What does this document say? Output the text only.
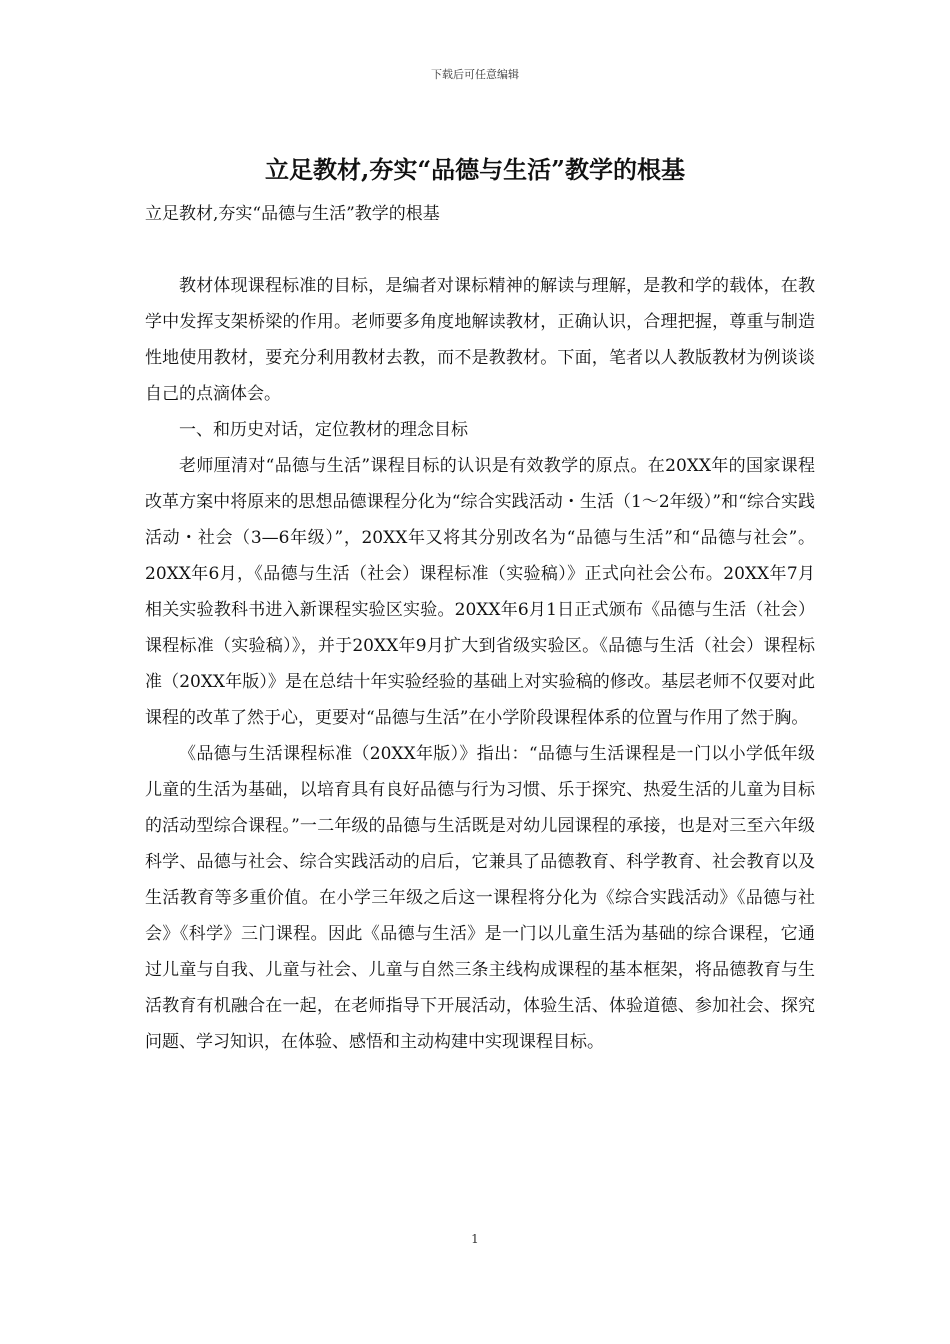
下载后可任意编辑
立足教材,夯实“品德与生活”教学的根基
立足教材,夯实“品德与生活”教学的根基

教材体现课程标准的目标，是编者对课标精神的解读与理解，是教和学的载体，在教学中发挥支架桥梁的作用。老师要多角度地解读教材，正确认识，合理把握，尊重与制造性地使用教材，要充分利用教材去教，而不是教教材。下面，笔者以人教版教材为例谈谈自己的点滴体会。

一、和历史对话，定位教材的理念目标

老师厘清对“品德与生活”课程目标的认识是有效教学的原点。在20XX年的国家课程改革方案中将原来的思想品德课程分化为“综合实践活动・生活（1～2年级）”和“综合实践活动・社会（3—6年级）”，20XX年又将其分别改名为“品德与生活”和“品德与社会”。20XX年6月，《品德与生活（社会）课程标准（实验稿）》正式向社会公布。20XX年7月相关实验教科书进入新课程实验区实验。20XX年6月1日正式颁布《品德与生活（社会）课程标准（实验稿）》，并于20XX年9月扩大到省级实验区。《品德与生活（社会）课程标准（20XX年版）》是在总结十年实验经验的基础上对实验稿的修改。基层老师不仅要对此课程的改革了然于心，更要对“品德与生活”在小学阶段课程体系的位置与作用了然于胸。

《品德与生活课程标准（20XX年版）》指出：“品德与生活课程是一门以小学低年级儿童的生活为基础，以培育具有良好品德与行为习惯、乐于探究、热爱生活的儿童为目标的活动型综合课程。”一二年级的品德与生活既是对幼儿园课程的承接，也是对三至六年级科学、品德与社会、综合实践活动的启后，它兼具了品德教育、科学教育、社会教育以及生活教育等多重价值。在小学三年级之后这一课程将分化为《综合实践活动》《品德与社会》《科学》三门课程。因此《品德与生活》是一门以儿童生活为基础的综合课程，它通过儿童与自我、儿童与社会、儿童与自然三条主线构成课程的基本框架，将品德教育与生活教育有机融合在一起，在老师指导下开展活动，体验生活、体验道德、参加社会、探究问题、学习知识，在体验、感悟和主动构建中实现课程目标。

1
